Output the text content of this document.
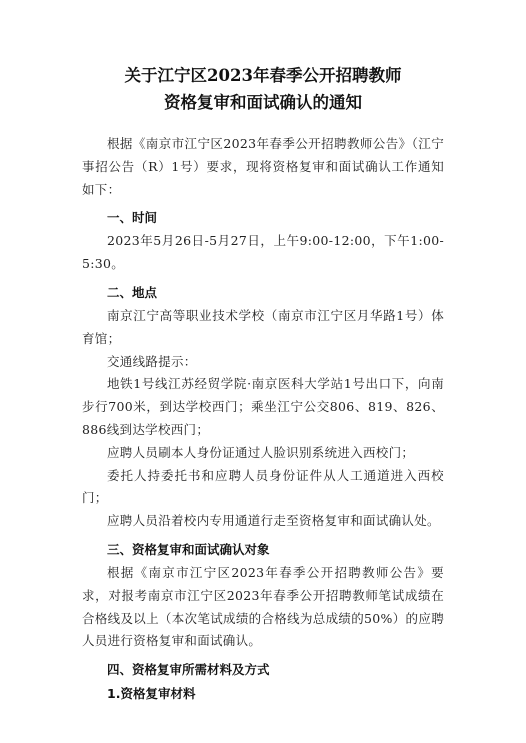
关于江宁区2023年春季公开招聘教师
资格复审和面试确认的通知

根据《南京市江宁区2023年春季公开招聘教师公告》（江宁事招公告（R）1号）要求，现将资格复审和面试确认工作通知如下：

一、时间

2023年5月26日-5月27日，上午9:00-12:00，下午1:00-5:30。

二、地点

南京江宁高等职业技术学校（南京市江宁区月华路1号）体育馆；

交通线路提示：

地铁1号线江苏经贸学院·南京医科大学站1号出口下，向南步行700米，到达学校西门；乘坐江宁公交806、819、826、886线到达学校西门；

应聘人员刷本人身份证通过人脸识别系统进入西校门；

委托人持委托书和应聘人员身份证件从人工通道进入西校门；

应聘人员沿着校内专用通道行走至资格复审和面试确认处。

三、资格复审和面试确认对象

根据《南京市江宁区2023年春季公开招聘教师公告》要求，对报考南京市江宁区2023年春季公开招聘教师笔试成绩在合格线及以上（本次笔试成绩的合格线为总成绩的50%）的应聘人员进行资格复审和面试确认。

四、资格复审所需材料及方式

1.资格复审材料
